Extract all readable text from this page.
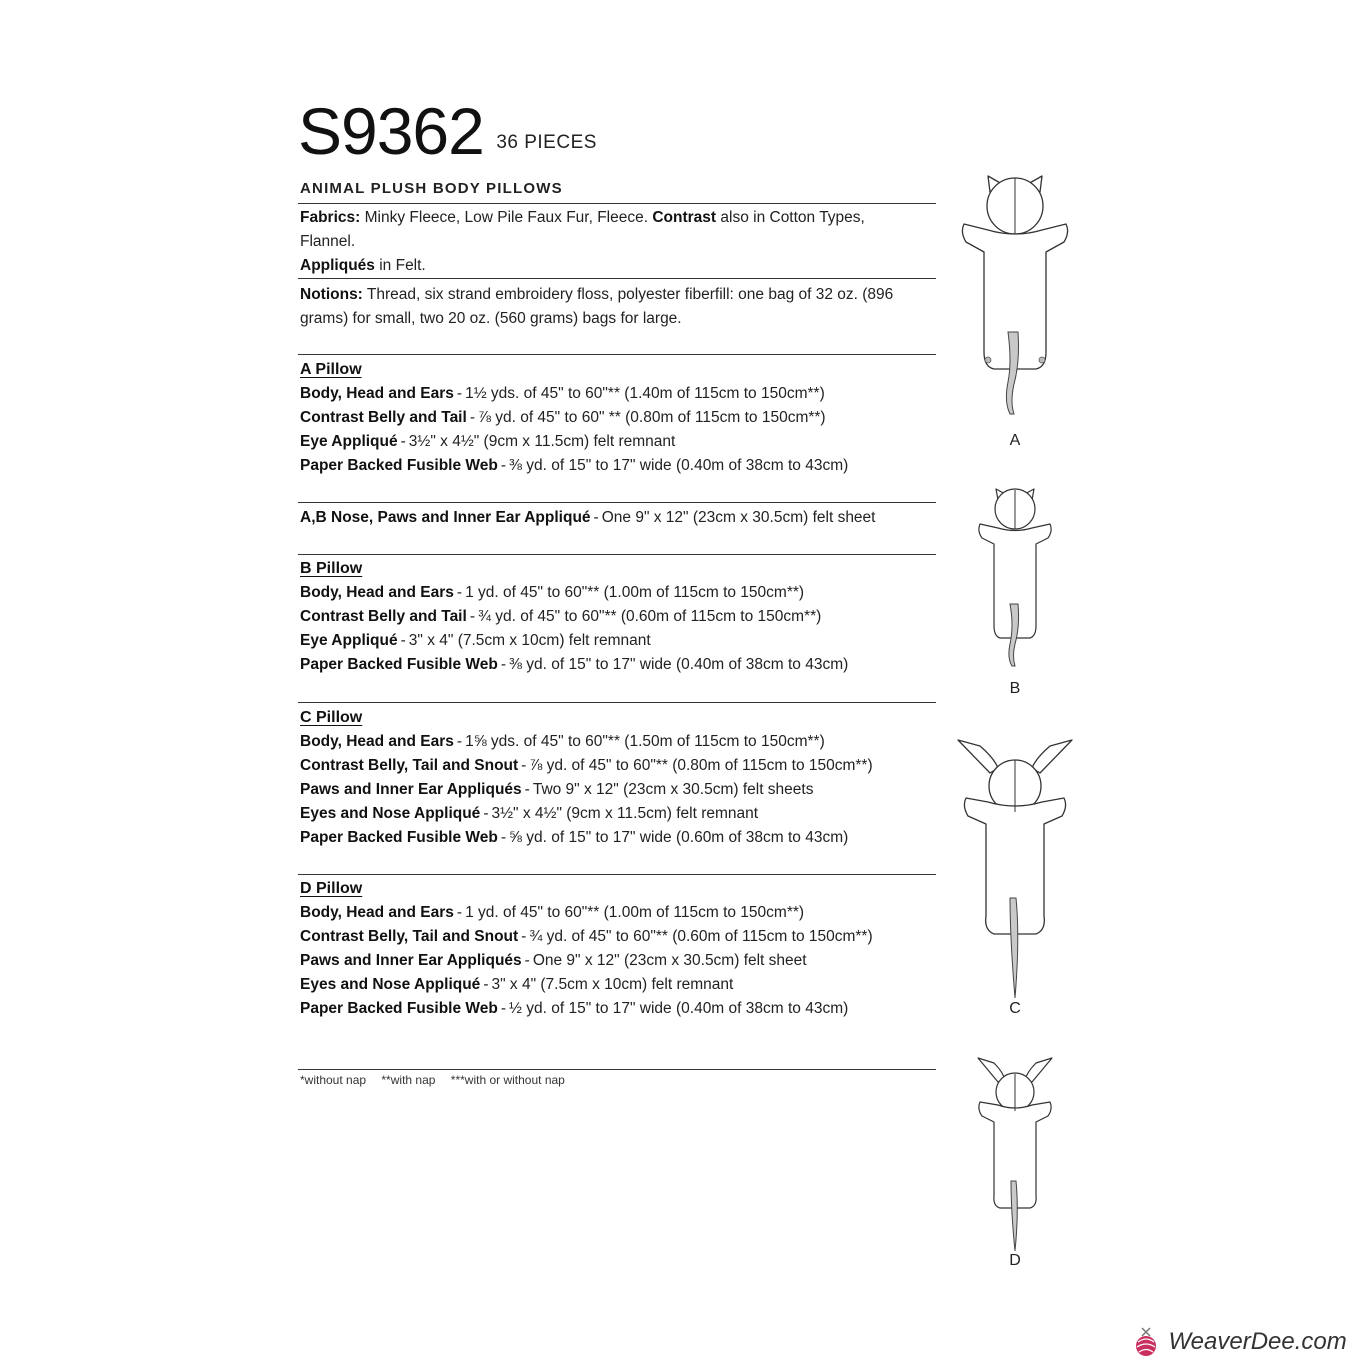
S9362 36 PIECES
ANIMAL PLUSH BODY PILLOWS

Fabrics: Minky Fleece, Low Pile Faux Fur, Fleece. Contrast also in Cotton Types, Flannel.
Appliqués in Felt.

Notions: Thread, six strand embroidery floss, polyester fiberfill: one bag of 32 oz. (896 grams) for small, two 20 oz. (560 grams) bags for large.

A Pillow

Body, Head and Ears - 1½ yds. of 45" to 60"** (1.40m of 115cm to 150cm**)

Contrast Belly and Tail - ⅞ yd. of 45" to 60" ** (0.80m of 115cm to 150cm**)

Eye Appliqué - 3½" x 4½" (9cm x 11.5cm) felt remnant

Paper Backed Fusible Web - ⅜ yd. of 15" to 17" wide (0.40m of 38cm to 43cm)

A,B Nose, Paws and Inner Ear Appliqué - One 9" x 12" (23cm x 30.5cm) felt sheet

B Pillow

Body, Head and Ears - 1 yd. of 45" to 60"** (1.00m of 115cm to 150cm**)

Contrast Belly and Tail - ¾ yd. of 45" to 60"** (0.60m of 115cm to 150cm**)

Eye Appliqué - 3" x 4" (7.5cm x 10cm) felt remnant

Paper Backed Fusible Web - ⅜ yd. of 15" to 17" wide (0.40m of 38cm to 43cm)

C Pillow

Body, Head and Ears - 1⅝ yds. of 45" to 60"** (1.50m of 115cm to 150cm**)

Contrast Belly, Tail and Snout - ⅞ yd. of 45" to 60"** (0.80m of 115cm to 150cm**)

Paws and Inner Ear Appliqués - Two 9" x 12" (23cm x 30.5cm) felt sheets

Eyes and Nose Appliqué - 3½" x 4½" (9cm x 11.5cm) felt remnant

Paper Backed Fusible Web - ⅝ yd. of 15" to 17" wide (0.60m of 38cm to 43cm)

D Pillow

Body, Head and Ears - 1 yd. of 45" to 60"** (1.00m of 115cm to 150cm**)

Contrast Belly, Tail and Snout - ¾ yd. of 45" to 60"** (0.60m of 115cm to 150cm**)

Paws and Inner Ear Appliqués - One 9" x 12" (23cm x 30.5cm) felt sheet

Eyes and Nose Appliqué - 3" x 4" (7.5cm x 10cm) felt remnant

Paper Backed Fusible Web - ½ yd. of 15" to 17" wide (0.40m of 38cm to 43cm)

*without nap **with nap ***with or without nap
A
B
C
D
WeaverDee.com
